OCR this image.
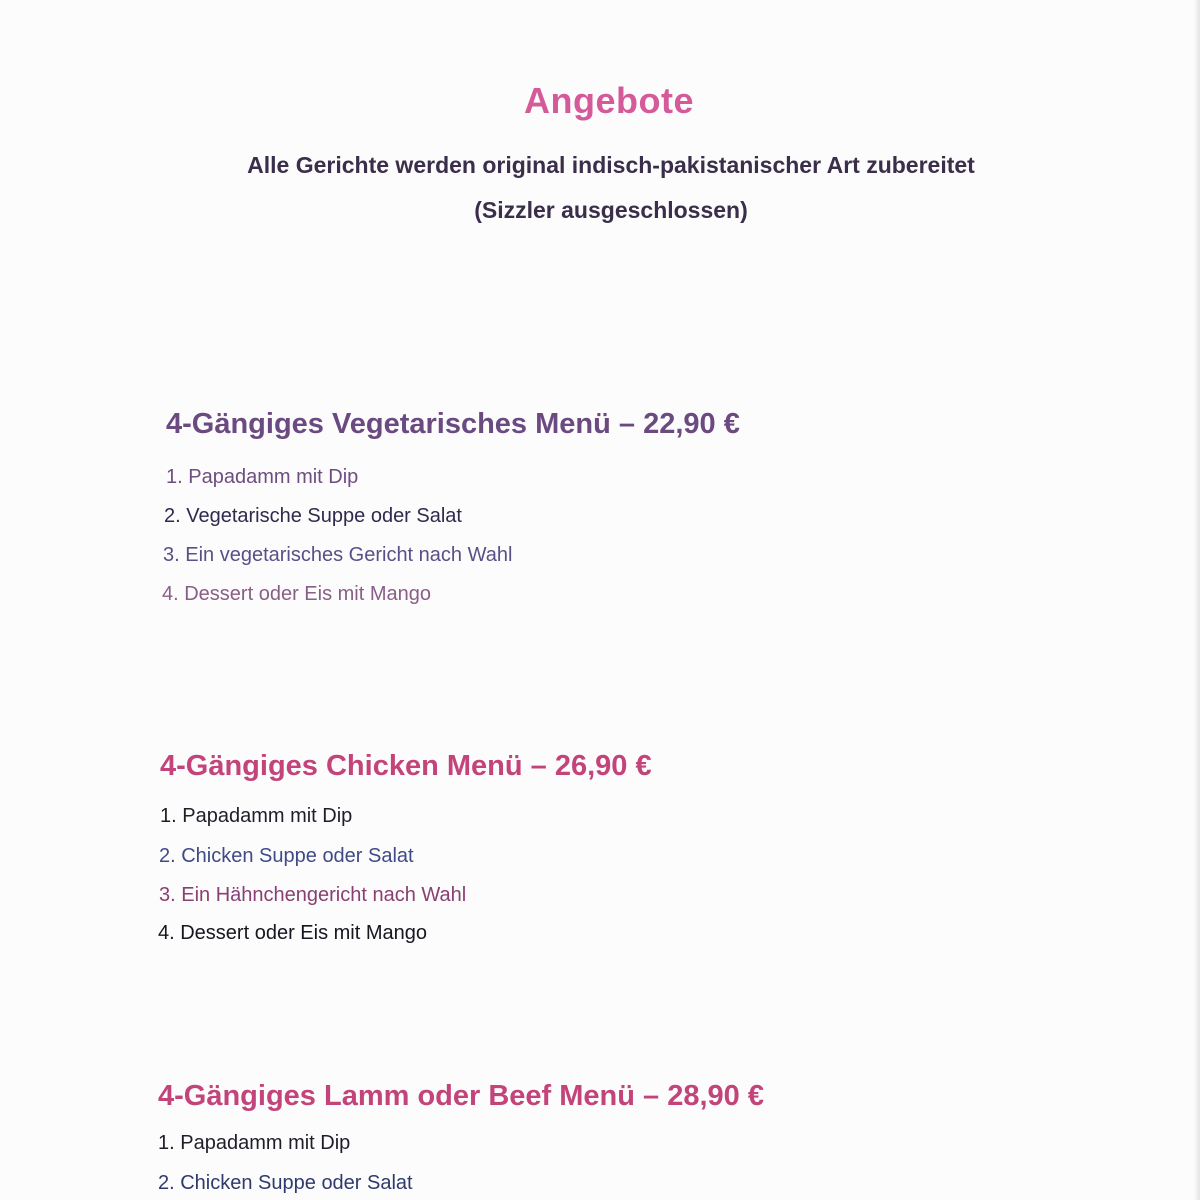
Angebote
Alle Gerichte werden original indisch-pakistanischer Art zubereitet
(Sizzler ausgeschlossen)
4-Gängiges Vegetarisches Menü – 22,90 €
1. Papadamm mit Dip
2. Vegetarische Suppe oder Salat
3. Ein vegetarisches Gericht nach Wahl
4. Dessert oder Eis mit Mango
4-Gängiges Chicken Menü – 26,90 €
1. Papadamm mit Dip
2. Chicken Suppe oder Salat
3. Ein Hähnchengericht nach Wahl
4. Dessert oder Eis mit Mango
4-Gängiges Lamm oder Beef Menü – 28,90 €
1. Papadamm mit Dip
2. Chicken Suppe oder Salat
